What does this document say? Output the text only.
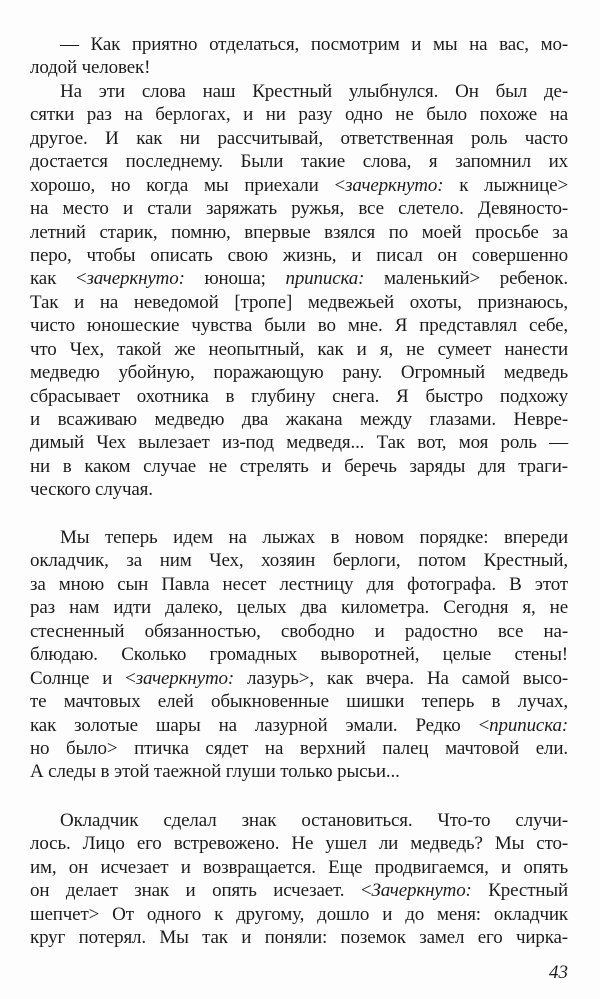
— Как приятно отделаться, посмотрим и мы на вас, мо-
лодой человек!
На эти слова наш Крестный улыбнулся. Он был де-
сятки раз на берлогах, и ни разу одно не было похоже на
другое. И как ни рассчитывай, ответственная роль часто
достается последнему. Были такие слова, я запомнил их
хорошо, но когда мы приехали <зачеркнуто: к лыжнице>
на место и стали заряжать ружья, все слетело. Девяносто-
летний старик, помню, впервые взялся по моей просьбе за
перо, чтобы описать свою жизнь, и писал он совершенно
как <зачеркнуто: юноша; приписка: маленький> ребенок.
Так и на неведомой [тропе] медвежьей охоты, признаюсь,
чисто юношеские чувства были во мне. Я представлял себе,
что Чех, такой же неопытный, как и я, не сумеет нанести
медведю убойную, поражающую рану. Огромный медведь
сбрасывает охотника в глубину снега. Я быстро подхожу
и всаживаю медведю два жакана между глазами. Невре-
димый Чех вылезает из-под медведя... Так вот, моя роль —
ни в каком случае не стрелять и беречь заряды для траги-
ческого случая.
Мы теперь идем на лыжах в новом порядке: впереди
окладчик, за ним Чех, хозяин берлоги, потом Крестный,
за мною сын Павла несет лестницу для фотографа. В этот
раз нам идти далеко, целых два километра. Сегодня я, не
стесненный обязанностью, свободно и радостно все на-
блюдаю. Сколько громадных выворотней, целые стены!
Солнце и <зачеркнуто: лазурь>, как вчера. На самой высо-
те мачтовых елей обыкновенные шишки теперь в лучах,
как золотые шары на лазурной эмали. Редко <приписка:
но было> птичка сядет на верхний палец мачтовой ели.
А следы в этой таежной глуши только рысьи...
Окладчик сделал знак остановиться. Что-то случи-
лось. Лицо его встревожено. Не ушел ли медведь? Мы сто-
им, он исчезает и возвращается. Еще продвигаемся, и опять
он делает знак и опять исчезает. <Зачеркнуто: Крестный
шепчет> От одного к другому, дошло и до меня: окладчик
круг потерял. Мы так и поняли: поземок замел его чирка-
43
